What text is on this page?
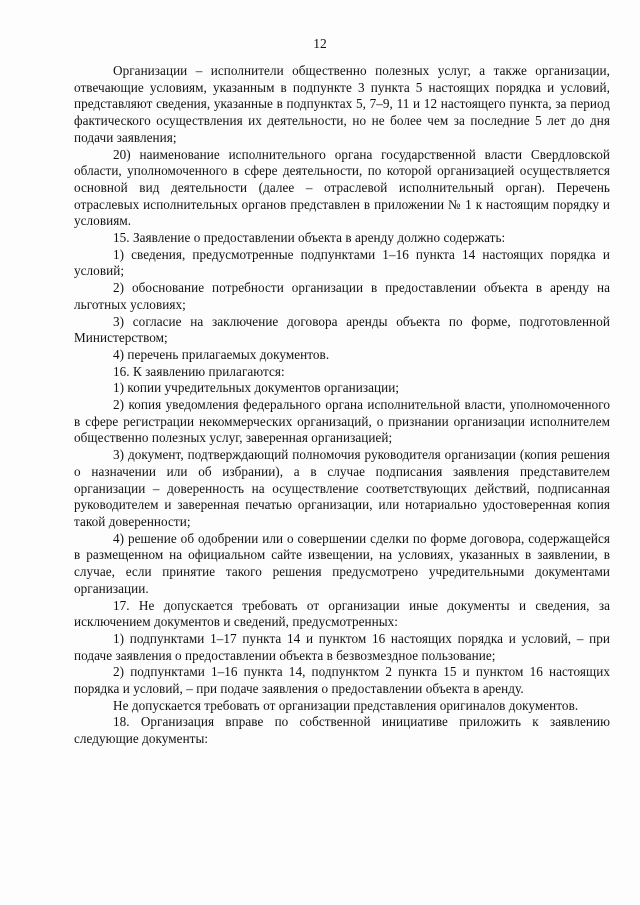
12

Организации – исполнители общественно полезных услуг, а также организации, отвечающие условиям, указанным в подпункте 3 пункта 5 настоящих порядка и условий, представляют сведения, указанные в подпунктах 5, 7–9, 11 и 12 настоящего пункта, за период фактического осуществления их деятельности, но не более чем за последние 5 лет до дня подачи заявления;

20) наименование исполнительного органа государственной власти Свердловской области, уполномоченного в сфере деятельности, по которой организацией осуществляется основной вид деятельности (далее – отраслевой исполнительный орган). Перечень отраслевых исполнительных органов представлен в приложении № 1 к настоящим порядку и условиям.

15. Заявление о предоставлении объекта в аренду должно содержать:

1) сведения, предусмотренные подпунктами 1–16 пункта 14 настоящих порядка и условий;

2) обоснование потребности организации в предоставлении объекта в аренду на льготных условиях;

3) согласие на заключение договора аренды объекта по форме, подготовленной Министерством;

4) перечень прилагаемых документов.

16. К заявлению прилагаются:

1) копии учредительных документов организации;

2) копия уведомления федерального органа исполнительной власти, уполномоченного в сфере регистрации некоммерческих организаций, о признании организации исполнителем общественно полезных услуг, заверенная организацией;

3) документ, подтверждающий полномочия руководителя организации (копия решения о назначении или об избрании), а в случае подписания заявления представителем организации – доверенность на осуществление соответствующих действий, подписанная руководителем и заверенная печатью организации, или нотариально удостоверенная копия такой доверенности;

4) решение об одобрении или о совершении сделки по форме договора, содержащейся в размещенном на официальном сайте извещении, на условиях, указанных в заявлении, в случае, если принятие такого решения предусмотрено учредительными документами организации.

17. Не допускается требовать от организации иные документы и сведения, за исключением документов и сведений, предусмотренных:

1) подпунктами 1–17 пункта 14 и пунктом 16 настоящих порядка и условий, – при подаче заявления о предоставлении объекта в безвозмездное пользование;

2) подпунктами 1–16 пункта 14, подпунктом 2 пункта 15 и пунктом 16 настоящих порядка и условий, – при подаче заявления о предоставлении объекта в аренду.

Не допускается требовать от организации представления оригиналов документов.

18. Организация вправе по собственной инициативе приложить к заявлению следующие документы:
